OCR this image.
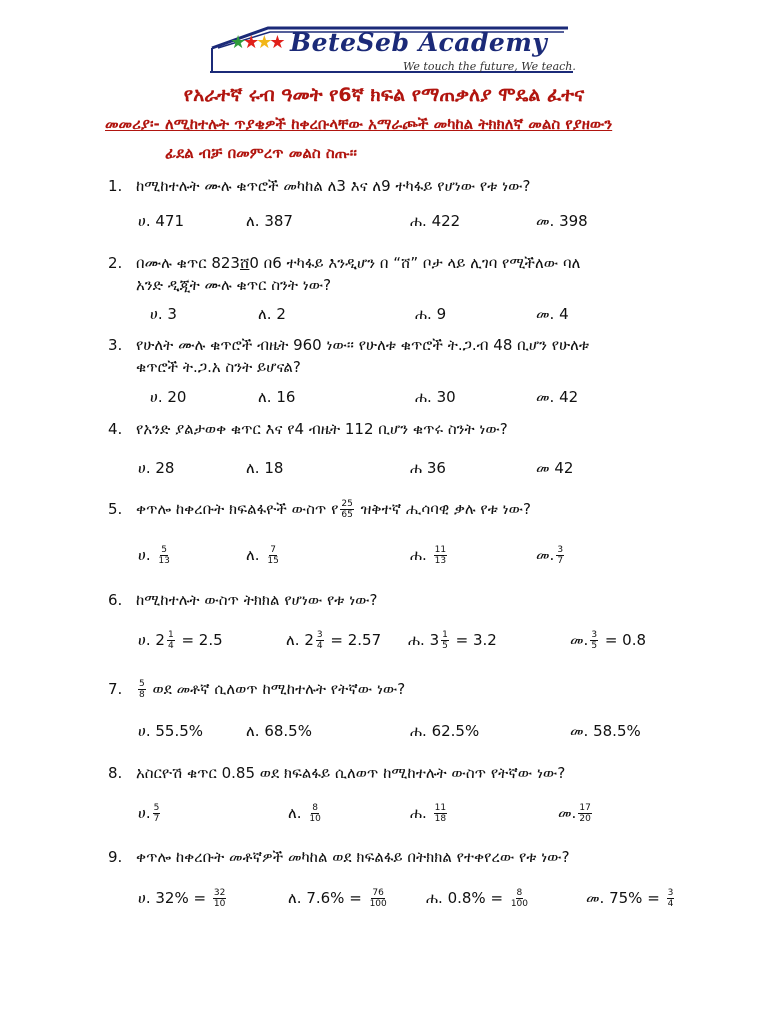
★★★★ BeteSeb Academy
We touch the future, We teach.
የአራተኛ ሩብ ዓመት የ6ኛ ክፍል የማጠቃለያ ሞዴል ፈተና
መመሪያ፡- ለሚከተሉት ጥያቄዎች ከቀረቡላቸው አማራጮች መካከል ትክክለኛ መልስ የያዘውን
ፊደል ብቻ በመምረጥ መልስ ስጡ፡፡
1. ከሚከተሉት ሙሉ ቁጥሮች መካከል ለ3 እና ለ9 ተካፋይ የሆነው የቱ ነው?
ሀ. 471	ለ. 387	ሐ. 422	መ. 398
2. በሙሉ ቁጥር 823ሸ0 በ6 ተካፋይ እንዲሆን በ “ሸ” ቦታ ላይ ሊገባ የሚችለው ባለ
አንድ ዲጂት ሙሉ ቁጥር ስንት ነው?
ሀ. 3	ለ. 2	ሐ. 9	መ. 4
3. የሁለት ሙሉ ቁጥሮች ብዜት 960 ነው፡፡ የሁለቱ ቁጥሮች ት.ጋ.ብ 48 ቢሆን የሁለቱ
ቁጥሮች ት.ጋ.አ ስንት ይሆናል?
ሀ. 20	ለ. 16	ሐ. 30	መ. 42
4. የአንድ ያልታወቀ ቁጥር እና የ4 ብዜት 112 ቢሆን ቁጥሩ ስንት ነው?
ሀ. 28	ለ. 18	ሐ 36	መ 42
5. ቀጥሎ ከቀረቡት ክፍልፋዮች ውስጥ የ $\frac{25}{65}$ ዝቅተኛ ሒሳባዊ ቃሉ የቱ ነው?
ሀ. $\frac{5}{13}$	ለ. $\frac{7}{15}$	ሐ. $\frac{11}{13}$	መ. $\frac{3}{7}$
6. ከሚከተሉት ውስጥ ትክክል የሆነው የቱ ነው?
ሀ. $2 \frac{1}{4} = 2.5$	ለ. $2 \frac{3}{4} = 2.57$ ሐ. $3 \frac{1}{5} = 3.2$	መ. $\frac{3}{5} = 0.8$
7. $\frac{5}{8}$ ወደ መቶኛ ሲለወጥ ከሚከተሉት የትኛው ነው?
ሀ. 55.5%	ለ. 68.5%	ሐ. 62.5%	መ. 58.5%
8. አስርዮሽ ቁጥር 0.85 ወደ ክፍልፋይ ሲለወጥ ከሚከተሉት ውስጥ የትኛው ነው?
ሀ. $\frac{5}{7}$	ለ. $\frac{8}{10}$	ሐ. $\frac{11}{18}$	መ. $\frac{17}{20}$
9. ቀጥሎ ከቀረቡት መቶኛዎች መካከል ወደ ክፍልፋይ በትክክል የተቀየረው የቱ ነው?
ሀ. $32\% = \frac{32}{10}$	ለ. $7.6\% = \frac{76}{100}$	ሐ. $0.8\% = \frac{8}{100}$	መ. $75\% = \frac{3}{4}$
